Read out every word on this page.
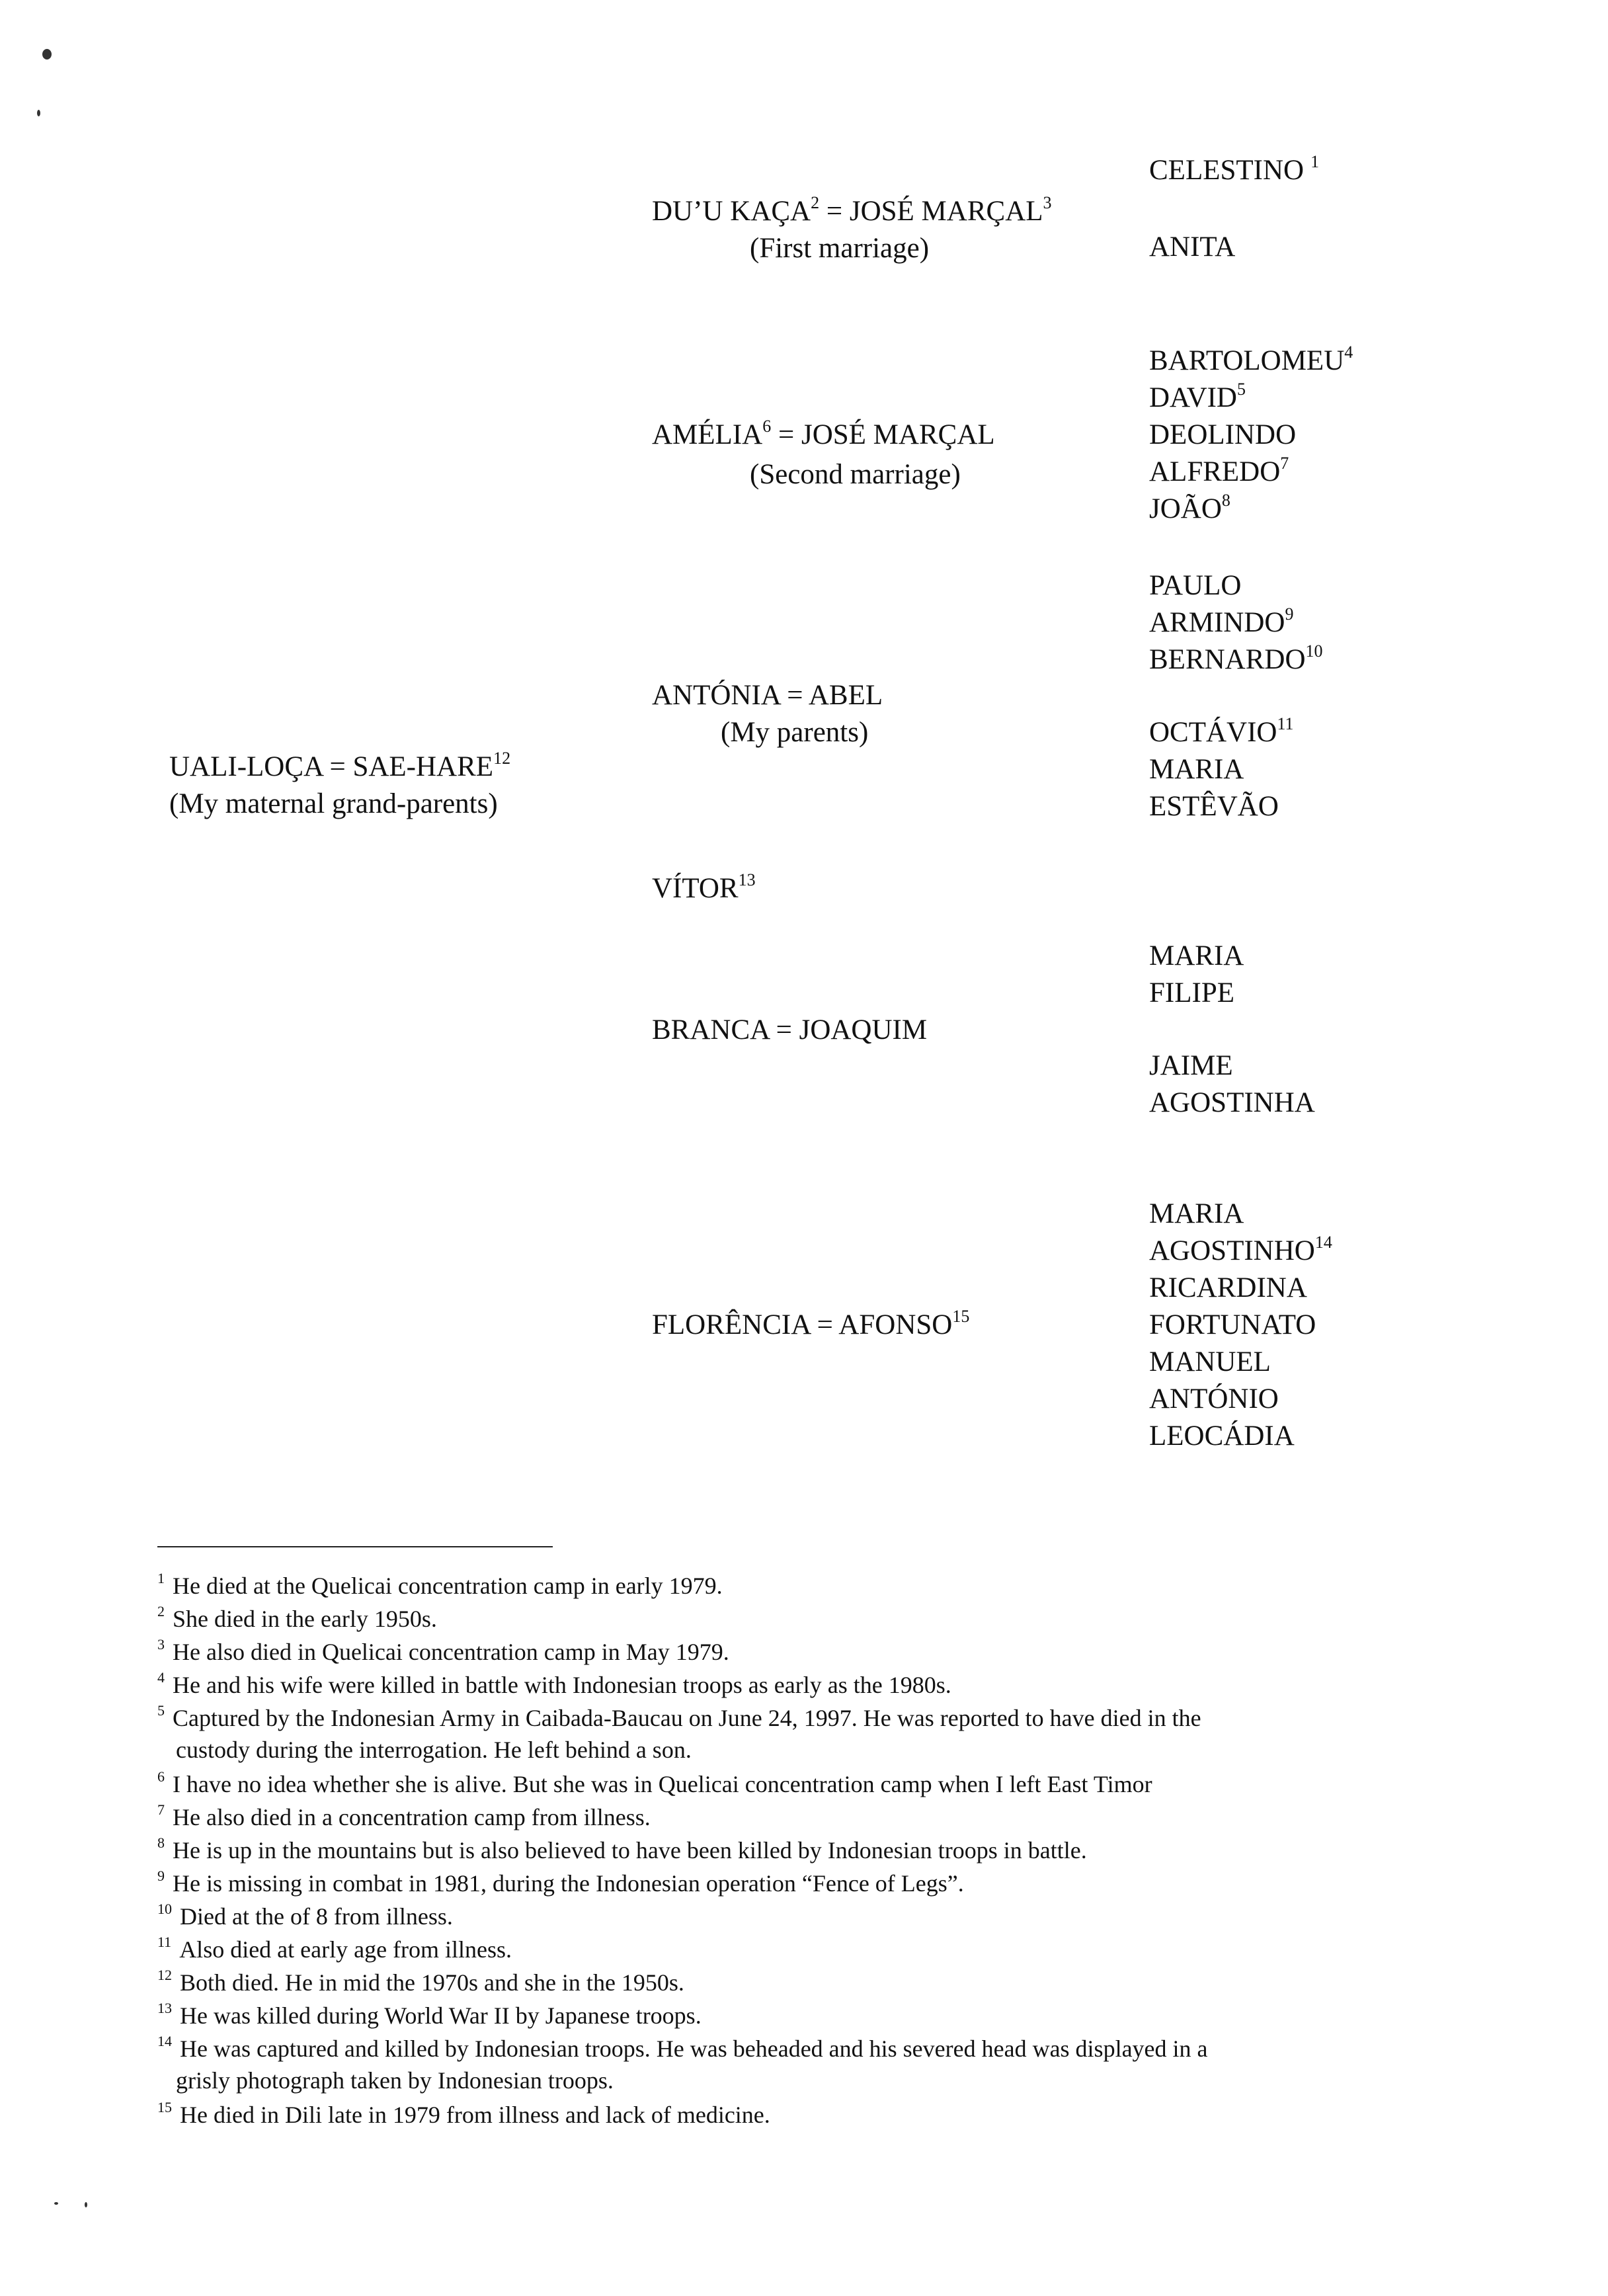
UALI-LOÇA = SAE-$HARE^{12}$
(My maternal grand-parents)
DU’U $KAÇA^2$ = JOSÉ MARÇAL$^3$
(First marriage)
CELESTINO $^1$
ANITA
$AMÉLIA^6$ = JOSÉ MARÇAL
(Second marriage)
BARTOLOMEU$^4$
DAVID$^5$
DEOLINDO
ALFREDO$^7$
JOÃO$^8$
ANTÓNIA = ABEL
(My parents)
PAULO
ARMINDO$^9$
BERNARDO$^{10}$
OCTÁVIO$^{11}$
MARIA
ESTÊVÃO
VÍTOR$^{13}$
BRANCA = JOAQUIM
MARIA
FILIPE
JAIME
AGOSTINHA
FLORÊNCIA = $AFONSO^{15}$
MARIA
AGOSTINHO$^{14}$
RICARDINA
FORTUNATO
MANUEL
ANTÓNIO
LEOCÁDIA
$^1$ He died at the Quelicai concentration camp in early 1979.
$^2$ She died in the early 1950s.
$^3$ He also died in Quelicai concentration camp in May 1979.
$^4$ He and his wife were killed in battle with Indonesian troops as early as the 1980s.
$^5$ Captured by the Indonesian Army in Caibada-Baucau on June 24, 1997. He was reported to have died in the
custody during the interrogation. He left behind a son.
$^6$ I have no idea whether she is alive. But she was in Quelicai concentration camp when I left East Timor
$^7$ He also died in a concentration camp from illness.
$^8$ He is up in the mountains but is also believed to have been killed by Indonesian troops in battle.
$^9$ He is missing in combat in 1981, during the Indonesian operation “Fence of Legs”.
$^{10}$ Died at the of 8 from illness.
$^{11}$ Also died at early age from illness.
$^{12}$ Both died. He in mid the 1970s and she in the 1950s.
$^{13}$ He was killed during World War II by Japanese troops.
$^{14}$ He was captured and killed by Indonesian troops. He was beheaded and his severed head was displayed in a
grisly photograph taken by Indonesian troops.
$^{15}$ He died in Dili late in 1979 from illness and lack of medicine.
